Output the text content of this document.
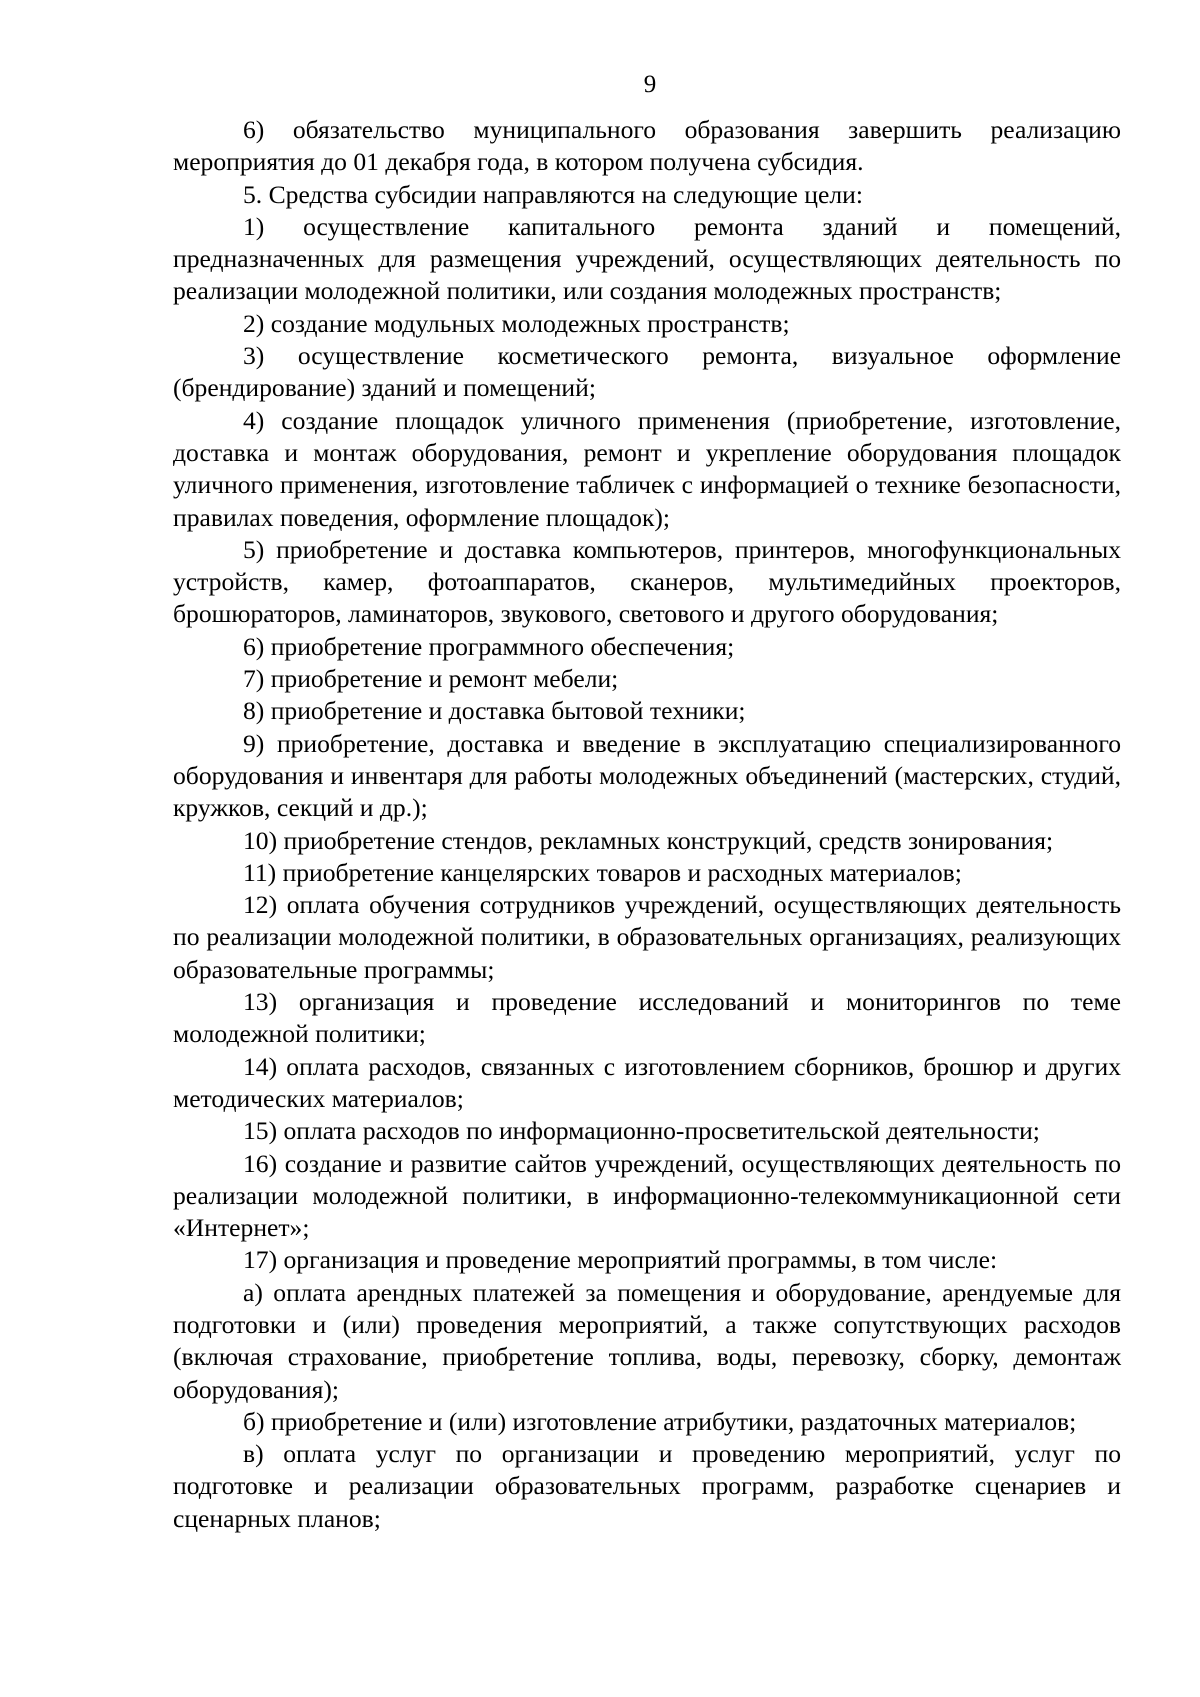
9

6) обязательство муниципального образования завершить реализацию мероприятия до 01 декабря года, в котором получена субсидия.

5. Средства субсидии направляются на следующие цели:

1) осуществление капитального ремонта зданий и помещений, предназначенных для размещения учреждений, осуществляющих деятельность по реализации молодежной политики, или создания молодежных пространств;

2) создание модульных молодежных пространств;

3) осуществление косметического ремонта, визуальное оформление (брендирование) зданий и помещений;

4) создание площадок уличного применения (приобретение, изготовление, доставка и монтаж оборудования, ремонт и укрепление оборудования площадок уличного применения, изготовление табличек с информацией о технике безопасности, правилах поведения, оформление площадок);

5) приобретение и доставка компьютеров, принтеров, многофункциональных устройств, камер, фотоаппаратов, сканеров, мультимедийных проекторов, брошюраторов, ламинаторов, звукового, светового и другого оборудования;

6) приобретение программного обеспечения;

7) приобретение и ремонт мебели;

8) приобретение и доставка бытовой техники;

9) приобретение, доставка и введение в эксплуатацию специализированного оборудования и инвентаря для работы молодежных объединений (мастерских, студий, кружков, секций и др.);

10) приобретение стендов, рекламных конструкций, средств зонирования;

11) приобретение канцелярских товаров и расходных материалов;

12) оплата обучения сотрудников учреждений, осуществляющих деятельность по реализации молодежной политики, в образовательных организациях, реализующих образовательные программы;

13) организация и проведение исследований и мониторингов по теме молодежной политики;

14) оплата расходов, связанных с изготовлением сборников, брошюр и других методических материалов;

15) оплата расходов по информационно-просветительской деятельности;

16) создание и развитие сайтов учреждений, осуществляющих деятельность по реализации молодежной политики, в информационно-телекоммуникационной сети «Интернет»;

17) организация и проведение мероприятий программы, в том числе:

а) оплата арендных платежей за помещения и оборудование, арендуемые для подготовки и (или) проведения мероприятий, а также сопутствующих расходов (включая страхование, приобретение топлива, воды, перевозку, сборку, демонтаж оборудования);

б) приобретение и (или) изготовление атрибутики, раздаточных материалов;

в) оплата услуг по организации и проведению мероприятий, услуг по подготовке и реализации образовательных программ, разработке сценариев и сценарных планов;
